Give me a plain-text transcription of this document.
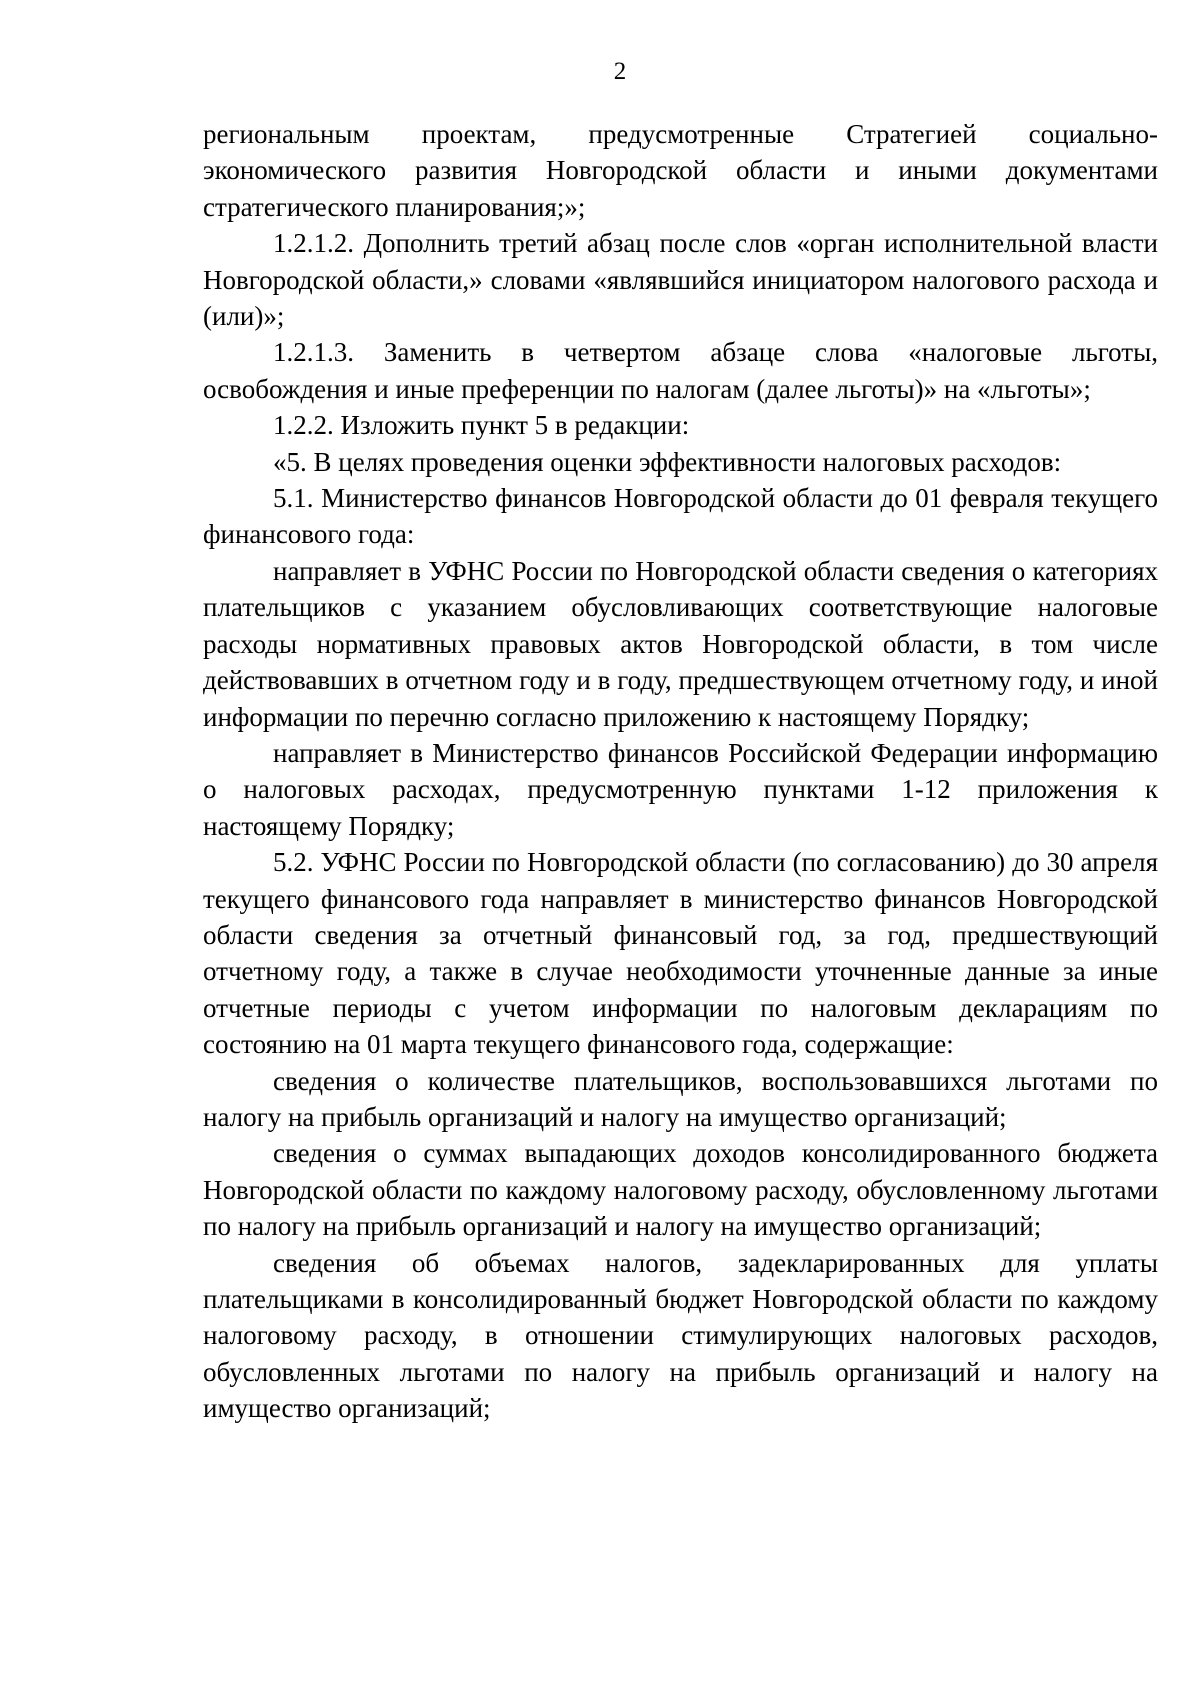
2

региональным проектам, предусмотренные Стратегией социально-экономического развития Новгородской области и иными документами стратегического планирования;»;

1.2.1.2. Дополнить третий абзац после слов «орган исполнительной власти Новгородской области,» словами «являвшийся инициатором налогового расхода и (или)»;

1.2.1.3. Заменить в четвертом абзаце слова «налоговые льготы, освобождения и иные преференции по налогам (далее льготы)» на «льготы»;

1.2.2. Изложить пункт 5 в редакции:

«5. В целях проведения оценки эффективности налоговых расходов:

5.1. Министерство финансов Новгородской области до 01 февраля текущего финансового года:

направляет в УФНС России по Новгородской области сведения о категориях плательщиков с указанием обусловливающих соответствующие налоговые расходы нормативных правовых актов Новгородской области, в том числе действовавших в отчетном году и в году, предшествующем отчетному году, и иной информации по перечню согласно приложению к настоящему Порядку;

направляет в Министерство финансов Российской Федерации информацию о налоговых расходах, предусмотренную пунктами 1-12 приложения к настоящему Порядку;

5.2. УФНС России по Новгородской области (по согласованию) до 30 апреля текущего финансового года направляет в министерство финансов Новгородской области сведения за отчетный финансовый год, за год, предшествующий отчетному году, а также в случае необходимости уточненные данные за иные отчетные периоды с учетом информации по налоговым декларациям по состоянию на 01 марта текущего финансового года, содержащие:

сведения о количестве плательщиков, воспользовавшихся льготами по налогу на прибыль организаций и налогу на имущество организаций;

сведения о суммах выпадающих доходов консолидированного бюджета Новгородской области по каждому налоговому расходу, обусловленному льготами по налогу на прибыль организаций и налогу на имущество организаций;

сведения об объемах налогов, задекларированных для уплаты плательщиками в консолидированный бюджет Новгородской области по каждому налоговому расходу, в отношении стимулирующих налоговых расходов, обусловленных льготами по налогу на прибыль организаций и налогу на имущество организаций;
